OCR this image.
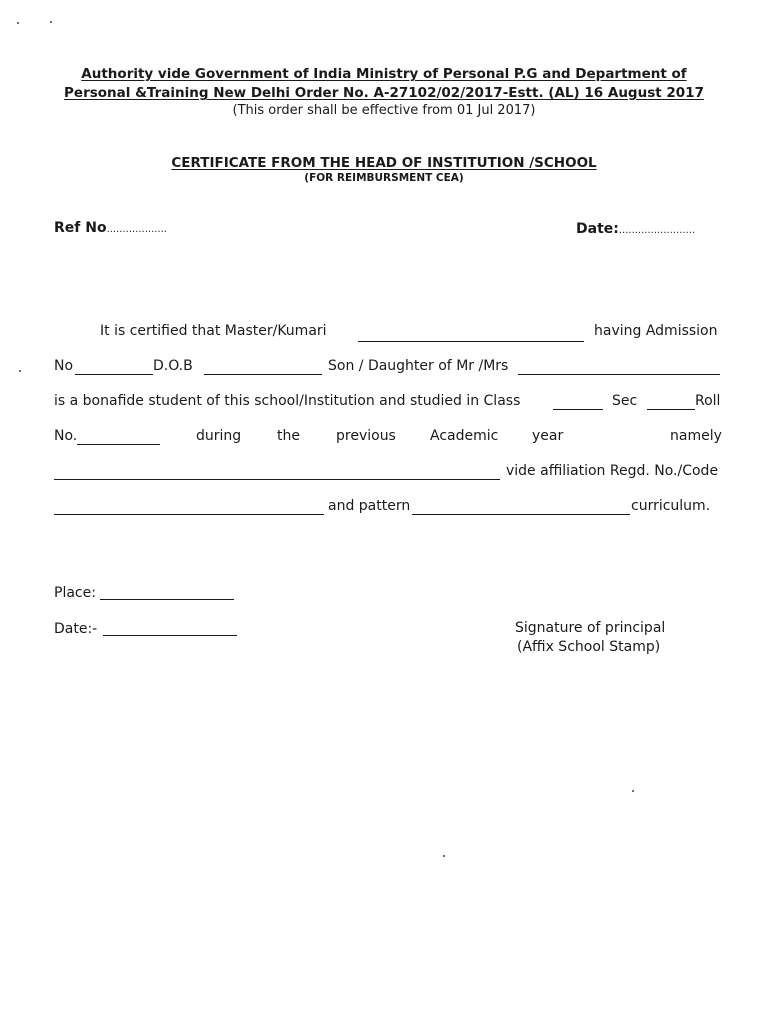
Authority vide Government of India Ministry of Personal P.G and Department of
Personal &Training New Delhi Order No. A-27102/02/2017-Estt. (AL) 16 August 2017
(This order shall be effective from 01 Jul 2017)
CERTIFICATE FROM THE HEAD OF INSTITUTION /SCHOOL
(FOR REIMBURSMENT CEA)
Ref No...................	Date:........................
It is certified that Master/Kumari	having Admission
No	D.O.B	Son / Daughter of Mr /Mrs
is a bonafide student of this school/Institution and studied in Class	Sec	Roll
No.	during	the	previous Academic year	namely
vide affiliation Regd. No./Code
and pattern	curriculum.
Place:
Date:-	Signature of principal
(Affix School Stamp)
